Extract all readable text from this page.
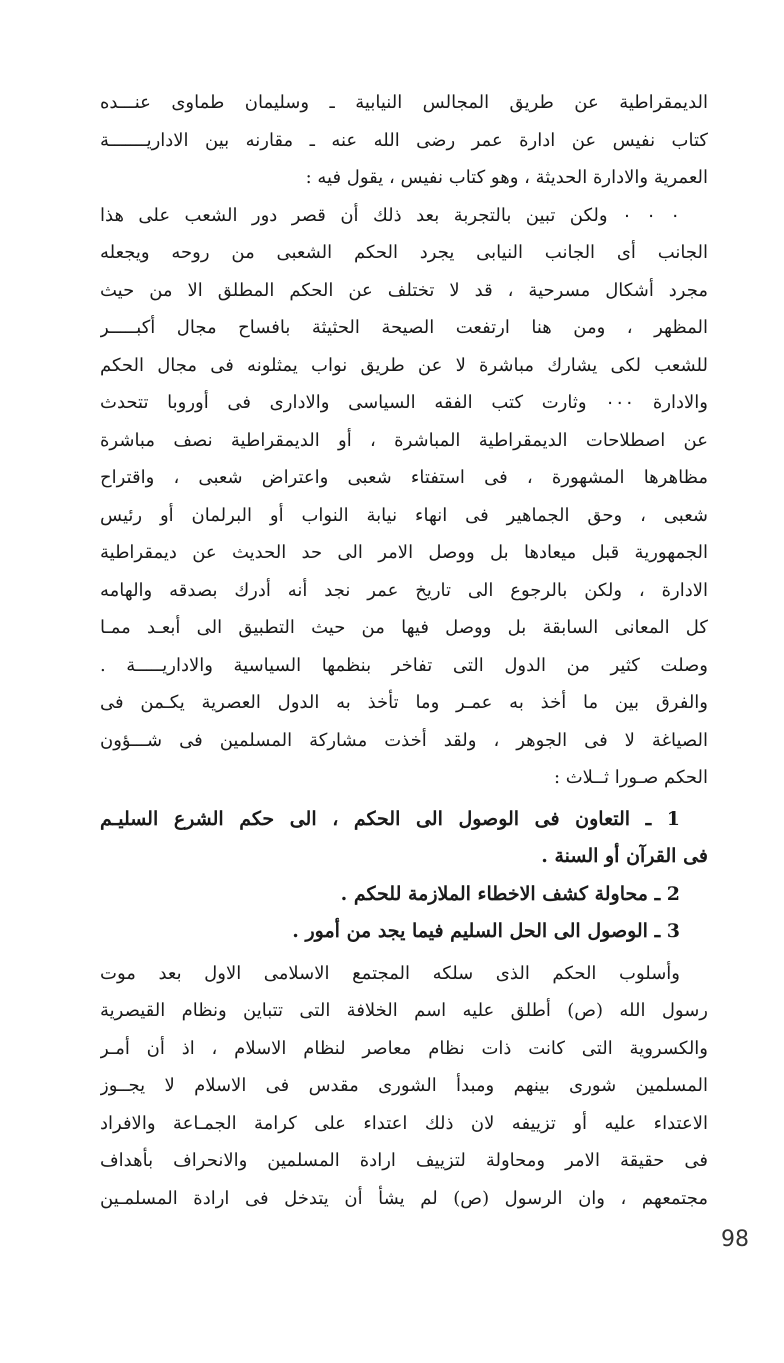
الديمقراطية عن طريق المجالس النيابية ـ وسليمان طماوى عنـــده
كتاب نفيس عن ادارة عمر رضى الله عنه ـ مقارنه بين الاداريـــــــة
العمرية والادارة الحديثة ، وهو كتاب نفيس ، يقول فيه :
۰ ۰ ۰ ولكن تبين بالتجربة بعد ذلك أن قصر دور الشعب على هذا
الجانب أى الجانب النيابى يجرد الحكم الشعبى من روحه ويجعله
مجرد أشكال مسرحية ، قد لا تختلف عن الحكم المطلق الا من حيث
المظهر ، ومن هنا ارتفعت الصيحة الحثيثة بافساح مجال أكبـــــر
للشعب لكى يشارك مباشرة لا عن طريق نواب يمثلونه فى مجال الحكم
والادارة ۰۰۰ وثارت كتب الفقه السياسى والادارى فى أوروبا تتحدث
عن اصطلاحات الديمقراطية المباشرة ، أو الديمقراطية نصف مباشرة
مظاهرها المشهورة ، فى استفتاء شعبى واعتراض شعبى ، واقتراح
شعبى ، وحق الجماهير فى انهاء نيابة النواب أو البرلمان أو رئيس
الجمهورية قبل ميعادها بل ووصل الامر الى حد الحديث عن ديمقراطية
الادارة ، ولكن بالرجوع الى تاريخ عمر نجد أنه أدرك بصدقه والهامه
كل المعانى السابقة بل ووصل فيها من حيث التطبيق الى أبعـد ممـا
وصلت كثير من الدول التى تفاخر بنظمها السياسية والاداريـــــة .
والفرق بين ما أخذ به عمـر وما تأخذ به الدول العصرية يكـمن فى
الصياغة لا فى الجوهر ، ولقد أخذت مشاركة المسلمين فى شـــؤون
الحكم صـورا ثــلاث :
1 ـ التعاون فى الوصول الى الحكم ، الى حكم الشرع السليـم
فى القرآن أو السنة .
2 ـ محاولة كشف الاخطاء الملازمة للحكم .
3 ـ الوصول الى الحل السليم فيما يجد من أمور .
وأسلوب الحكم الذى سلكه المجتمع الاسلامى الاول بعد موت
رسول الله (ص) أطلق عليه اسم الخلافة التى تتباين ونظام القيصرية
والكسروية التى كانت ذات نظام معاصر لنظام الاسلام ، اذ أن أمـر
المسلمين شورى بينهم ومبدأ الشورى مقدس فى الاسلام لا يجــوز
الاعتداء عليه أو تزييفه لان ذلك اعتداء على كرامة الجمـاعة والافراد
فى حقيقة الامر ومحاولة لتزييف ارادة المسلمين والانحراف بأهداف
مجتمعهم ، وان الرسول (ص) لم يشأ أن يتدخل فى ارادة المسلمـين
98
